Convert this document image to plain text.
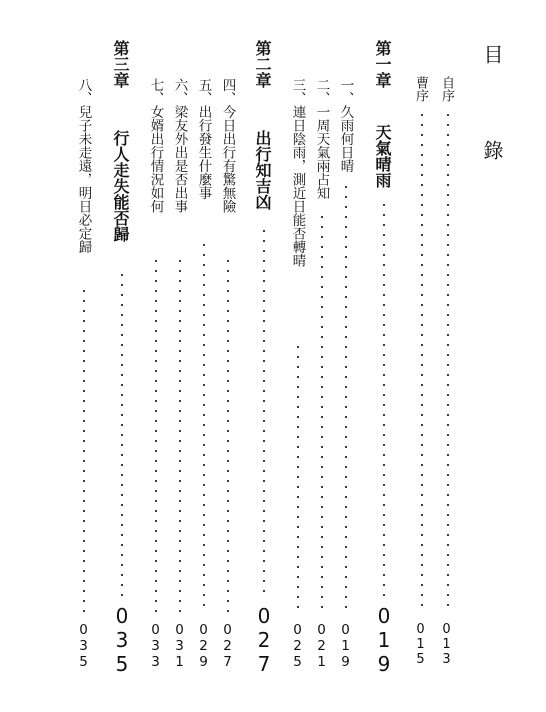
目 錄
自序
013
曹序
015
第一章
天氣晴雨
019
一、久雨何日晴
019
二、一周天氣兩占知
021
三、連日陰雨，測近日能否轉晴
025
第二章
出行知吉凶
027
四、今日出行有驚無險
027
五、出行發生什麼事
029
六、梁友外出是否出事
031
七、女婿出行情況如何
033
第三章
行人走失能否歸
035
八、兒子未走遠，明日必定歸
035
